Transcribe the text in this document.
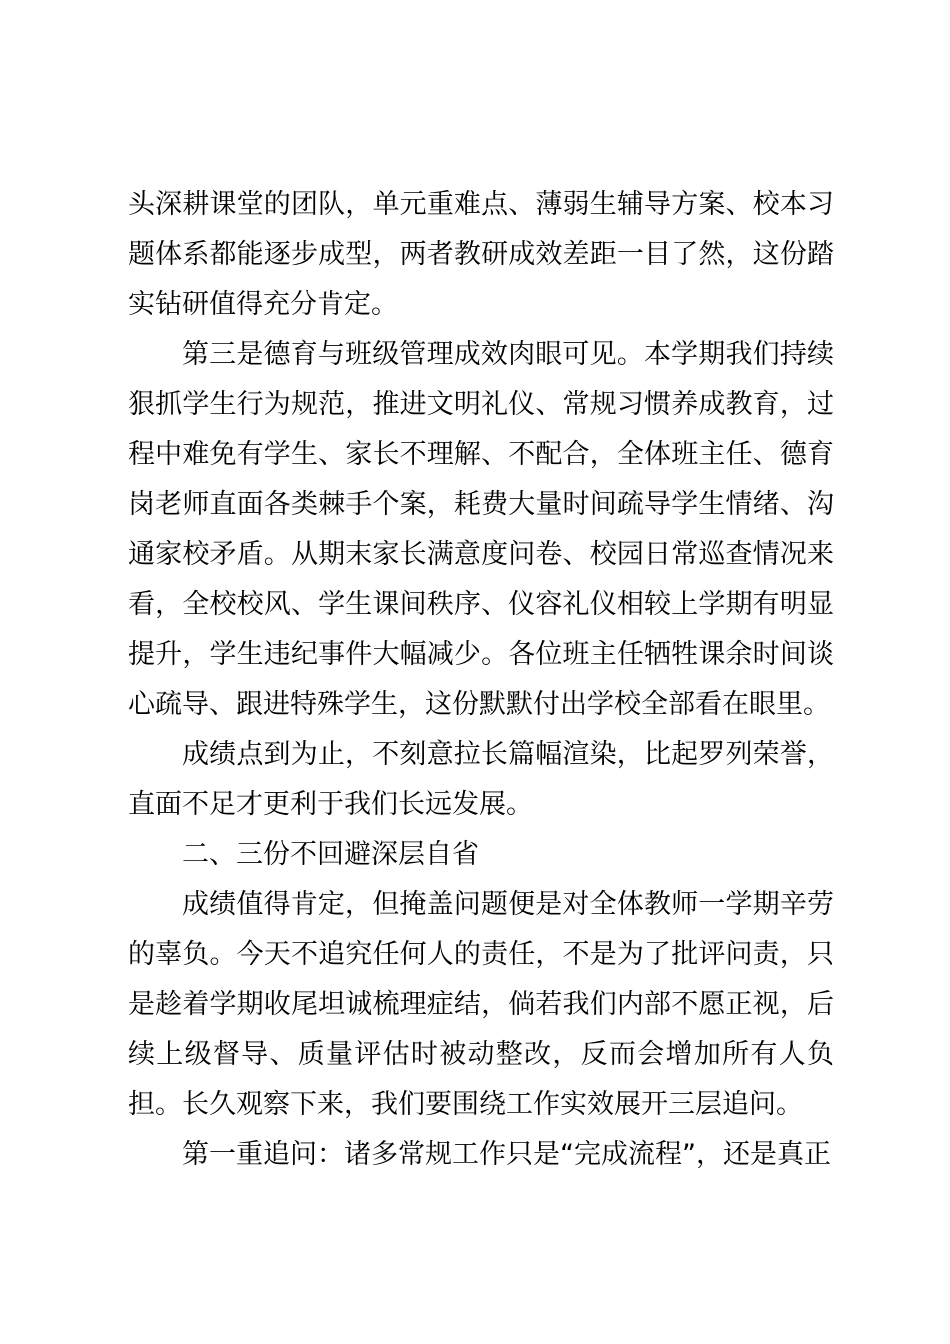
头深耕课堂的团队，单元重难点、薄弱生辅导方案、校本习题体系都能逐步成型，两者教研成效差距一目了然，这份踏实钻研值得充分肯定。

第三是德育与班级管理成效肉眼可见。本学期我们持续狠抓学生行为规范，推进文明礼仪、常规习惯养成教育，过程中难免有学生、家长不理解、不配合，全体班主任、德育岗老师直面各类棘手个案，耗费大量时间疏导学生情绪、沟通家校矛盾。从期末家长满意度问卷、校园日常巡查情况来看，全校校风、学生课间秩序、仪容礼仪相较上学期有明显提升，学生违纪事件大幅减少。各位班主任牺牲课余时间谈心疏导、跟进特殊学生，这份默默付出学校全部看在眼里。

成绩点到为止，不刻意拉长篇幅渲染，比起罗列荣誉，直面不足才更利于我们长远发展。

二、三份不回避深层自省

成绩值得肯定，但掩盖问题便是对全体教师一学期辛劳的辜负。今天不追究任何人的责任，不是为了批评问责，只是趁着学期收尾坦诚梳理症结，倘若我们内部不愿正视，后续上级督导、质量评估时被动整改，反而会增加所有人负担。长久观察下来，我们要围绕工作实效展开三层追问。

第一重追问：诸多常规工作只是“完成流程”，还是真正
